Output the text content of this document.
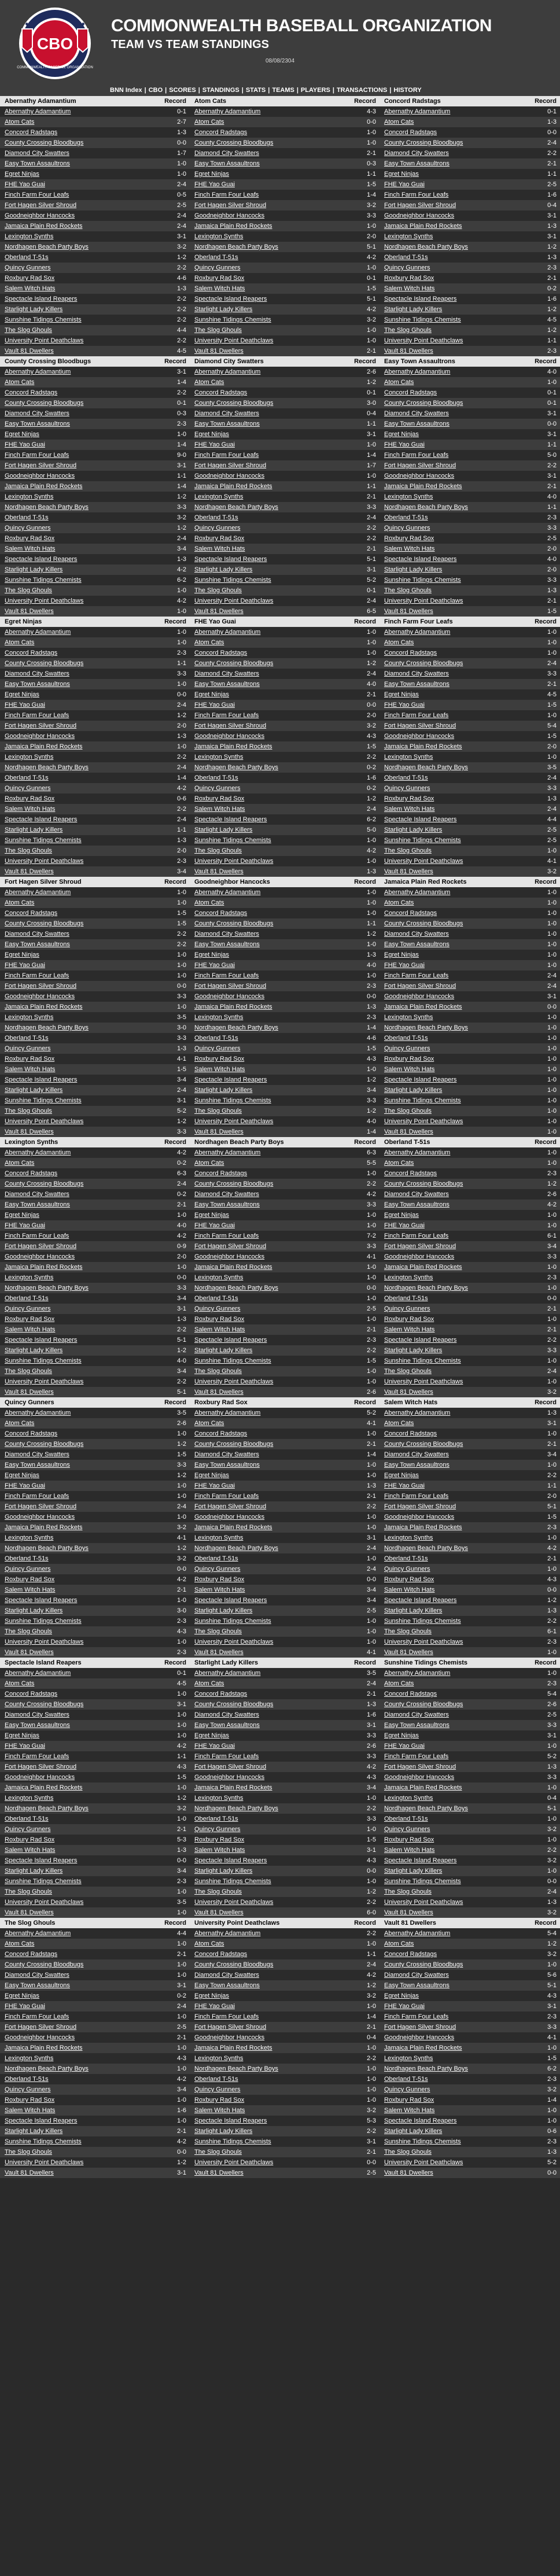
CBO
COMMONWEALTH BASEBALL ORGANIZATION
COMMONWEALTH BASEBALL ORGANIZATION
TEAM VS TEAM STANDINGS
08/08/2304
BNN Index | CBO | SCORES | STANDINGS | STATS | TEAMS | PLAYERS | TRANSACTIONS | HISTORY
Abernathy Adamantium	Record

Abernathy Adamantium	0-1
Atom Cats	2-7
Concord Radstags	1-3
County Crossing Bloodbugs	0-0
Diamond City Swatters	1-7
Easy Town Assaultrons	1-0
Egret Ninjas	1-0
FHE Yao Guai	2-4
Finch Farm Four Leafs	0-5
Fort Hagen Silver Shroud	2-5
Goodneighbor Hancocks	2-4
Jamaica Plain Red Rockets	2-4
Lexington Synths	3-1
Nordhagen Beach Party Boys	3-2
Oberland T-51s	1-2
Quincy Gunners	2-2
Roxbury Rad Sox	4-6
Salem Witch Hats	1-3
Spectacle Island Reapers	2-2
Starlight Lady Killers	2-2
Sunshine Tidings Chemists	2-2
The Slog Ghouls	4-4
University Point Deathclaws	2-2
Vault 81 Dwellers	4-5
Atom Cats	Record

Abernathy Adamantium	4-3
Atom Cats	0-0
Concord Radstags	1-0
County Crossing Bloodbugs	1-0
Diamond City Swatters	2-1
Easy Town Assaultrons	0-3
Egret Ninjas	1-1
FHE Yao Guai	1-5
Finch Farm Four Leafs	1-4
Fort Hagen Silver Shroud	3-2
Goodneighbor Hancocks	3-3
Jamaica Plain Red Rockets	1-0
Lexington Synths	2-0
Nordhagen Beach Party Boys	5-1
Oberland T-51s	4-2
Quincy Gunners	1-0
Roxbury Rad Sox	0-1
Salem Witch Hats	1-5
Spectacle Island Reapers	5-1
Starlight Lady Killers	4-2
Sunshine Tidings Chemists	3-2
The Slog Ghouls	1-0
University Point Deathclaws	1-0
Vault 81 Dwellers	2-1
Concord Radstags	Record

Abernathy Adamantium	0-1
Atom Cats	1-3
Concord Radstags	0-0
County Crossing Bloodbugs	2-4
Diamond City Swatters	2-2
Easy Town Assaultrons	2-1
Egret Ninjas	1-1
FHE Yao Guai	2-5
Finch Farm Four Leafs	1-6
Fort Hagen Silver Shroud	0-4
Goodneighbor Hancocks	3-1
Jamaica Plain Red Rockets	1-3
Lexington Synths	3-1
Nordhagen Beach Party Boys	1-2
Oberland T-51s	1-3
Quincy Gunners	2-3
Roxbury Rad Sox	2-1
Salem Witch Hats	0-2
Spectacle Island Reapers	1-6
Starlight Lady Killers	1-2
Sunshine Tidings Chemists	4-5
The Slog Ghouls	1-2
University Point Deathclaws	1-1
Vault 81 Dwellers	2-3
County Crossing Bloodbugs	Record

Abernathy Adamantium	3-1
Atom Cats	1-4
Concord Radstags	2-2
County Crossing Bloodbugs	0-1
Diamond City Swatters	0-3
Easy Town Assaultrons	2-3
Egret Ninjas	1-0
FHE Yao Guai	1-4
Finch Farm Four Leafs	9-0
Fort Hagen Silver Shroud	3-1
Goodneighbor Hancocks	1-1
Jamaica Plain Red Rockets	1-4
Lexington Synths	1-2
Nordhagen Beach Party Boys	3-3
Oberland T-51s	3-2
Quincy Gunners	1-2
Roxbury Rad Sox	2-4
Salem Witch Hats	3-4
Spectacle Island Reapers	1-3
Starlight Lady Killers	4-2
Sunshine Tidings Chemists	6-2
The Slog Ghouls	1-0
University Point Deathclaws	4-2
Vault 81 Dwellers	1-0
Diamond City Swatters	Record

Abernathy Adamantium	2-6
Atom Cats	1-2
Concord Radstags	0-1
County Crossing Bloodbugs	3-0
Diamond City Swatters	0-4
Easy Town Assaultrons	1-1
Egret Ninjas	3-1
FHE Yao Guai	1-0
Finch Farm Four Leafs	1-4
Fort Hagen Silver Shroud	1-7
Goodneighbor Hancocks	1-0
Jamaica Plain Red Rockets	1-1
Lexington Synths	2-1
Nordhagen Beach Party Boys	3-3
Oberland T-51s	2-4
Quincy Gunners	2-2
Roxbury Rad Sox	2-2
Salem Witch Hats	2-1
Spectacle Island Reapers	5-1
Starlight Lady Killers	3-1
Sunshine Tidings Chemists	5-2
The Slog Ghouls	0-1
University Point Deathclaws	2-4
Vault 81 Dwellers	6-5
Easy Town Assaultrons	Record

Abernathy Adamantium	4-0
Atom Cats	1-0
Concord Radstags	0-1
County Crossing Bloodbugs	0-1
Diamond City Swatters	3-1
Easy Town Assaultrons	0-0
Egret Ninjas	3-1
FHE Yao Guai	1-1
Finch Farm Four Leafs	5-0
Fort Hagen Silver Shroud	2-2
Goodneighbor Hancocks	3-1
Jamaica Plain Red Rockets	2-1
Lexington Synths	4-0
Nordhagen Beach Party Boys	1-1
Oberland T-51s	2-3
Quincy Gunners	3-3
Roxbury Rad Sox	2-5
Salem Witch Hats	2-0
Spectacle Island Reapers	4-0
Starlight Lady Killers	2-0
Sunshine Tidings Chemists	3-3
The Slog Ghouls	1-3
University Point Deathclaws	2-1
Vault 81 Dwellers	1-5
Egret Ninjas	Record

Abernathy Adamantium	1-0
Atom Cats	1-0
Concord Radstags	2-3
County Crossing Bloodbugs	1-1
Diamond City Swatters	3-3
Easy Town Assaultrons	1-0
Egret Ninjas	0-0
FHE Yao Guai	2-4
Finch Farm Four Leafs	1-2
Fort Hagen Silver Shroud	2-0
Goodneighbor Hancocks	1-3
Jamaica Plain Red Rockets	1-0
Lexington Synths	2-2
Nordhagen Beach Party Boys	2-4
Oberland T-51s	1-4
Quincy Gunners	4-2
Roxbury Rad Sox	0-6
Salem Witch Hats	2-2
Spectacle Island Reapers	2-4
Starlight Lady Killers	1-1
Sunshine Tidings Chemists	1-3
The Slog Ghouls	2-0
University Point Deathclaws	2-3
Vault 81 Dwellers	3-4
FHE Yao Guai	Record

Abernathy Adamantium	1-0
Atom Cats	1-0
Concord Radstags	1-0
County Crossing Bloodbugs	1-2
Diamond City Swatters	2-4
Easy Town Assaultrons	4-0
Egret Ninjas	2-1
FHE Yao Guai	0-0
Finch Farm Four Leafs	2-0
Fort Hagen Silver Shroud	3-2
Goodneighbor Hancocks	4-3
Jamaica Plain Red Rockets	1-5
Lexington Synths	2-2
Nordhagen Beach Party Boys	0-2
Oberland T-51s	1-6
Quincy Gunners	0-2
Roxbury Rad Sox	1-2
Salem Witch Hats	2-4
Spectacle Island Reapers	6-2
Starlight Lady Killers	5-0
Sunshine Tidings Chemists	1-0
The Slog Ghouls	4-2
University Point Deathclaws	1-0
Vault 81 Dwellers	1-3
Finch Farm Four Leafs	Record

Abernathy Adamantium	1-0
Atom Cats	1-0
Concord Radstags	1-0
County Crossing Bloodbugs	2-4
Diamond City Swatters	3-3
Easy Town Assaultrons	2-1
Egret Ninjas	4-5
FHE Yao Guai	1-5
Finch Farm Four Leafs	1-0
Fort Hagen Silver Shroud	5-4
Goodneighbor Hancocks	1-5
Jamaica Plain Red Rockets	2-0
Lexington Synths	1-0
Nordhagen Beach Party Boys	3-5
Oberland T-51s	2-4
Quincy Gunners	3-3
Roxbury Rad Sox	1-3
Salem Witch Hats	2-4
Spectacle Island Reapers	4-4
Starlight Lady Killers	2-5
Sunshine Tidings Chemists	2-5
The Slog Ghouls	1-0
University Point Deathclaws	4-1
Vault 81 Dwellers	3-2
Fort Hagen Silver Shroud	Record

Abernathy Adamantium	1-0
Atom Cats	1-0
Concord Radstags	1-5
County Crossing Bloodbugs	1-5
Diamond City Swatters	2-2
Easy Town Assaultrons	2-2
Egret Ninjas	1-0
FHE Yao Guai	1-0
Finch Farm Four Leafs	1-0
Fort Hagen Silver Shroud	0-0
Goodneighbor Hancocks	3-3
Jamaica Plain Red Rockets	1-0
Lexington Synths	3-5
Nordhagen Beach Party Boys	3-0
Oberland T-51s	3-3
Quincy Gunners	1-3
Roxbury Rad Sox	4-1
Salem Witch Hats	1-5
Spectacle Island Reapers	3-4
Starlight Lady Killers	2-4
Sunshine Tidings Chemists	3-1
The Slog Ghouls	5-2
University Point Deathclaws	1-2
Vault 81 Dwellers	3-3
Goodneighbor Hancocks	Record

Abernathy Adamantium	1-0
Atom Cats	1-0
Concord Radstags	1-0
County Crossing Bloodbugs	1-1
Diamond City Swatters	1-2
Easy Town Assaultrons	1-0
Egret Ninjas	1-3
FHE Yao Guai	4-0
Finch Farm Four Leafs	1-0
Fort Hagen Silver Shroud	2-3
Goodneighbor Hancocks	0-0
Jamaica Plain Red Rockets	1-3
Lexington Synths	2-3
Nordhagen Beach Party Boys	1-4
Oberland T-51s	4-6
Quincy Gunners	1-5
Roxbury Rad Sox	4-3
Salem Witch Hats	1-0
Spectacle Island Reapers	1-2
Starlight Lady Killers	3-4
Sunshine Tidings Chemists	3-3
The Slog Ghouls	1-2
University Point Deathclaws	4-0
Vault 81 Dwellers	1-4
Jamaica Plain Red Rockets	Record

Abernathy Adamantium	1-0
Atom Cats	1-0
Concord Radstags	1-0
County Crossing Bloodbugs	1-0
Diamond City Swatters	1-0
Easy Town Assaultrons	1-0
Egret Ninjas	1-0
FHE Yao Guai	1-0
Finch Farm Four Leafs	2-4
Fort Hagen Silver Shroud	2-4
Goodneighbor Hancocks	3-1
Jamaica Plain Red Rockets	0-0
Lexington Synths	1-0
Nordhagen Beach Party Boys	1-0
Oberland T-51s	1-0
Quincy Gunners	1-0
Roxbury Rad Sox	1-0
Salem Witch Hats	1-0
Spectacle Island Reapers	1-0
Starlight Lady Killers	1-0
Sunshine Tidings Chemists	1-0
The Slog Ghouls	1-0
University Point Deathclaws	1-0
Vault 81 Dwellers	1-0
Lexington Synths	Record

Abernathy Adamantium	4-2
Atom Cats	0-2
Concord Radstags	6-3
County Crossing Bloodbugs	2-4
Diamond City Swatters	0-2
Easy Town Assaultrons	2-1
Egret Ninjas	1-0
FHE Yao Guai	4-0
Finch Farm Four Leafs	4-2
Fort Hagen Silver Shroud	0-9
Goodneighbor Hancocks	2-0
Jamaica Plain Red Rockets	1-0
Lexington Synths	0-0
Nordhagen Beach Party Boys	3-3
Oberland T-51s	3-4
Quincy Gunners	3-1
Roxbury Rad Sox	1-3
Salem Witch Hats	2-2
Spectacle Island Reapers	5-1
Starlight Lady Killers	1-2
Sunshine Tidings Chemists	4-0
The Slog Ghouls	3-4
University Point Deathclaws	2-2
Vault 81 Dwellers	5-1
Nordhagen Beach Party Boys	Record

Abernathy Adamantium	6-3
Atom Cats	5-5
Concord Radstags	1-0
County Crossing Bloodbugs	2-2
Diamond City Swatters	4-2
Easy Town Assaultrons	3-3
Egret Ninjas	1-0
FHE Yao Guai	1-0
Finch Farm Four Leafs	7-2
Fort Hagen Silver Shroud	3-3
Goodneighbor Hancocks	4-1
Jamaica Plain Red Rockets	1-0
Lexington Synths	1-0
Nordhagen Beach Party Boys	0-0
Oberland T-51s	1-0
Quincy Gunners	2-5
Roxbury Rad Sox	1-0
Salem Witch Hats	2-1
Spectacle Island Reapers	2-3
Starlight Lady Killers	2-2
Sunshine Tidings Chemists	1-5
The Slog Ghouls	1-0
University Point Deathclaws	1-0
Vault 81 Dwellers	2-6
Oberland T-51s	Record

Abernathy Adamantium	1-0
Atom Cats	1-0
Concord Radstags	2-3
County Crossing Bloodbugs	1-2
Diamond City Swatters	2-6
Easy Town Assaultrons	4-2
Egret Ninjas	1-0
FHE Yao Guai	1-0
Finch Farm Four Leafs	6-1
Fort Hagen Silver Shroud	3-4
Goodneighbor Hancocks	3-3
Jamaica Plain Red Rockets	1-0
Lexington Synths	2-3
Nordhagen Beach Party Boys	1-0
Oberland T-51s	0-0
Quincy Gunners	2-1
Roxbury Rad Sox	1-0
Salem Witch Hats	2-1
Spectacle Island Reapers	2-2
Starlight Lady Killers	3-3
Sunshine Tidings Chemists	1-0
The Slog Ghouls	2-4
University Point Deathclaws	1-0
Vault 81 Dwellers	3-2
Quincy Gunners	Record

Abernathy Adamantium	3-5
Atom Cats	2-6
Concord Radstags	1-0
County Crossing Bloodbugs	1-2
Diamond City Swatters	1-5
Easy Town Assaultrons	3-3
Egret Ninjas	1-2
FHE Yao Guai	1-0
Finch Farm Four Leafs	1-0
Fort Hagen Silver Shroud	2-4
Goodneighbor Hancocks	1-0
Jamaica Plain Red Rockets	3-2
Lexington Synths	4-1
Nordhagen Beach Party Boys	1-2
Oberland T-51s	3-2
Quincy Gunners	0-0
Roxbury Rad Sox	4-2
Salem Witch Hats	2-1
Spectacle Island Reapers	1-0
Starlight Lady Killers	3-0
Sunshine Tidings Chemists	2-3
The Slog Ghouls	4-3
University Point Deathclaws	1-0
Vault 81 Dwellers	2-3
Roxbury Rad Sox	Record

Abernathy Adamantium	5-2
Atom Cats	4-1
Concord Radstags	1-0
County Crossing Bloodbugs	2-1
Diamond City Swatters	1-4
Easy Town Assaultrons	1-0
Egret Ninjas	1-0
FHE Yao Guai	1-3
Finch Farm Four Leafs	2-1
Fort Hagen Silver Shroud	2-2
Goodneighbor Hancocks	1-0
Jamaica Plain Red Rockets	1-0
Lexington Synths	3-1
Nordhagen Beach Party Boys	2-4
Oberland T-51s	1-0
Quincy Gunners	2-4
Roxbury Rad Sox	0-0
Salem Witch Hats	3-4
Spectacle Island Reapers	3-4
Starlight Lady Killers	2-5
Sunshine Tidings Chemists	1-0
The Slog Ghouls	1-0
University Point Deathclaws	1-0
Vault 81 Dwellers	4-1
Salem Witch Hats	Record

Abernathy Adamantium	1-3
Atom Cats	3-1
Concord Radstags	1-0
County Crossing Bloodbugs	2-1
Diamond City Swatters	3-4
Easy Town Assaultrons	1-0
Egret Ninjas	2-2
FHE Yao Guai	1-1
Finch Farm Four Leafs	2-0
Fort Hagen Silver Shroud	5-1
Goodneighbor Hancocks	1-5
Jamaica Plain Red Rockets	2-3
Lexington Synths	1-0
Nordhagen Beach Party Boys	4-2
Oberland T-51s	2-1
Quincy Gunners	1-0
Roxbury Rad Sox	4-3
Salem Witch Hats	0-0
Spectacle Island Reapers	1-2
Starlight Lady Killers	1-3
Sunshine Tidings Chemists	2-2
The Slog Ghouls	6-1
University Point Deathclaws	2-3
Vault 81 Dwellers	1-0
Spectacle Island Reapers	Record

Abernathy Adamantium	0-1
Atom Cats	4-5
Concord Radstags	1-0
County Crossing Bloodbugs	3-1
Diamond City Swatters	1-0
Easy Town Assaultrons	1-0
Egret Ninjas	1-0
FHE Yao Guai	4-2
Finch Farm Four Leafs	1-1
Fort Hagen Silver Shroud	4-3
Goodneighbor Hancocks	1-5
Jamaica Plain Red Rockets	1-0
Lexington Synths	1-2
Nordhagen Beach Party Boys	3-2
Oberland T-51s	1-0
Quincy Gunners	2-1
Roxbury Rad Sox	5-3
Salem Witch Hats	1-3
Spectacle Island Reapers	0-0
Starlight Lady Killers	3-4
Sunshine Tidings Chemists	2-3
The Slog Ghouls	1-0
University Point Deathclaws	3-5
Vault 81 Dwellers	1-0
Starlight Lady Killers	Record

Abernathy Adamantium	3-5
Atom Cats	2-4
Concord Radstags	2-1
County Crossing Bloodbugs	1-3
Diamond City Swatters	1-6
Easy Town Assaultrons	3-1
Egret Ninjas	3-3
FHE Yao Guai	2-6
Finch Farm Four Leafs	3-3
Fort Hagen Silver Shroud	4-2
Goodneighbor Hancocks	4-3
Jamaica Plain Red Rockets	3-4
Lexington Synths	1-0
Nordhagen Beach Party Boys	2-2
Oberland T-51s	3-3
Quincy Gunners	1-0
Roxbury Rad Sox	1-5
Salem Witch Hats	3-1
Spectacle Island Reapers	4-3
Starlight Lady Killers	0-0
Sunshine Tidings Chemists	1-0
The Slog Ghouls	1-2
University Point Deathclaws	2-2
Vault 81 Dwellers	6-0
Sunshine Tidings Chemists	Record

Abernathy Adamantium	1-0
Atom Cats	2-3
Concord Radstags	5-4
County Crossing Bloodbugs	2-6
Diamond City Swatters	2-5
Easy Town Assaultrons	3-3
Egret Ninjas	3-1
FHE Yao Guai	1-0
Finch Farm Four Leafs	5-2
Fort Hagen Silver Shroud	1-3
Goodneighbor Hancocks	3-3
Jamaica Plain Red Rockets	1-0
Lexington Synths	0-4
Nordhagen Beach Party Boys	5-1
Oberland T-51s	1-0
Quincy Gunners	3-2
Roxbury Rad Sox	1-0
Salem Witch Hats	2-2
Spectacle Island Reapers	3-2
Starlight Lady Killers	1-0
Sunshine Tidings Chemists	0-0
The Slog Ghouls	2-4
University Point Deathclaws	1-3
Vault 81 Dwellers	3-2
The Slog Ghouls	Record

Abernathy Adamantium	4-4
Atom Cats	1-0
Concord Radstags	2-1
County Crossing Bloodbugs	1-0
Diamond City Swatters	1-0
Easy Town Assaultrons	3-1
Egret Ninjas	0-2
FHE Yao Guai	2-4
Finch Farm Four Leafs	1-0
Fort Hagen Silver Shroud	2-5
Goodneighbor Hancocks	2-1
Jamaica Plain Red Rockets	1-0
Lexington Synths	4-3
Nordhagen Beach Party Boys	1-0
Oberland T-51s	4-2
Quincy Gunners	3-4
Roxbury Rad Sox	1-0
Salem Witch Hats	1-6
Spectacle Island Reapers	1-0
Starlight Lady Killers	2-1
Sunshine Tidings Chemists	4-2
The Slog Ghouls	0-0
University Point Deathclaws	1-2
Vault 81 Dwellers	3-1
University Point Deathclaws	Record

Abernathy Adamantium	2-2
Atom Cats	1-0
Concord Radstags	1-1
County Crossing Bloodbugs	2-4
Diamond City Swatters	4-2
Easy Town Assaultrons	1-2
Egret Ninjas	3-2
FHE Yao Guai	1-0
Finch Farm Four Leafs	1-4
Fort Hagen Silver Shroud	2-1
Goodneighbor Hancocks	0-4
Jamaica Plain Red Rockets	1-0
Lexington Synths	2-2
Nordhagen Beach Party Boys	1-0
Oberland T-51s	1-0
Quincy Gunners	1-0
Roxbury Rad Sox	1-0
Salem Witch Hats	3-2
Spectacle Island Reapers	5-3
Starlight Lady Killers	2-2
Sunshine Tidings Chemists	3-1
The Slog Ghouls	2-1
University Point Deathclaws	0-0
Vault 81 Dwellers	2-5
Vault 81 Dwellers	Record

Abernathy Adamantium	5-4
Atom Cats	1-2
Concord Radstags	3-2
County Crossing Bloodbugs	1-0
Diamond City Swatters	5-6
Easy Town Assaultrons	5-1
Egret Ninjas	4-3
FHE Yao Guai	3-1
Finch Farm Four Leafs	2-3
Fort Hagen Silver Shroud	3-3
Goodneighbor Hancocks	4-1
Jamaica Plain Red Rockets	1-0
Lexington Synths	1-5
Nordhagen Beach Party Boys	6-2
Oberland T-51s	2-3
Quincy Gunners	3-2
Roxbury Rad Sox	1-4
Salem Witch Hats	1-0
Spectacle Island Reapers	1-0
Starlight Lady Killers	0-6
Sunshine Tidings Chemists	2-3
The Slog Ghouls	1-3
University Point Deathclaws	5-2
Vault 81 Dwellers	0-0
